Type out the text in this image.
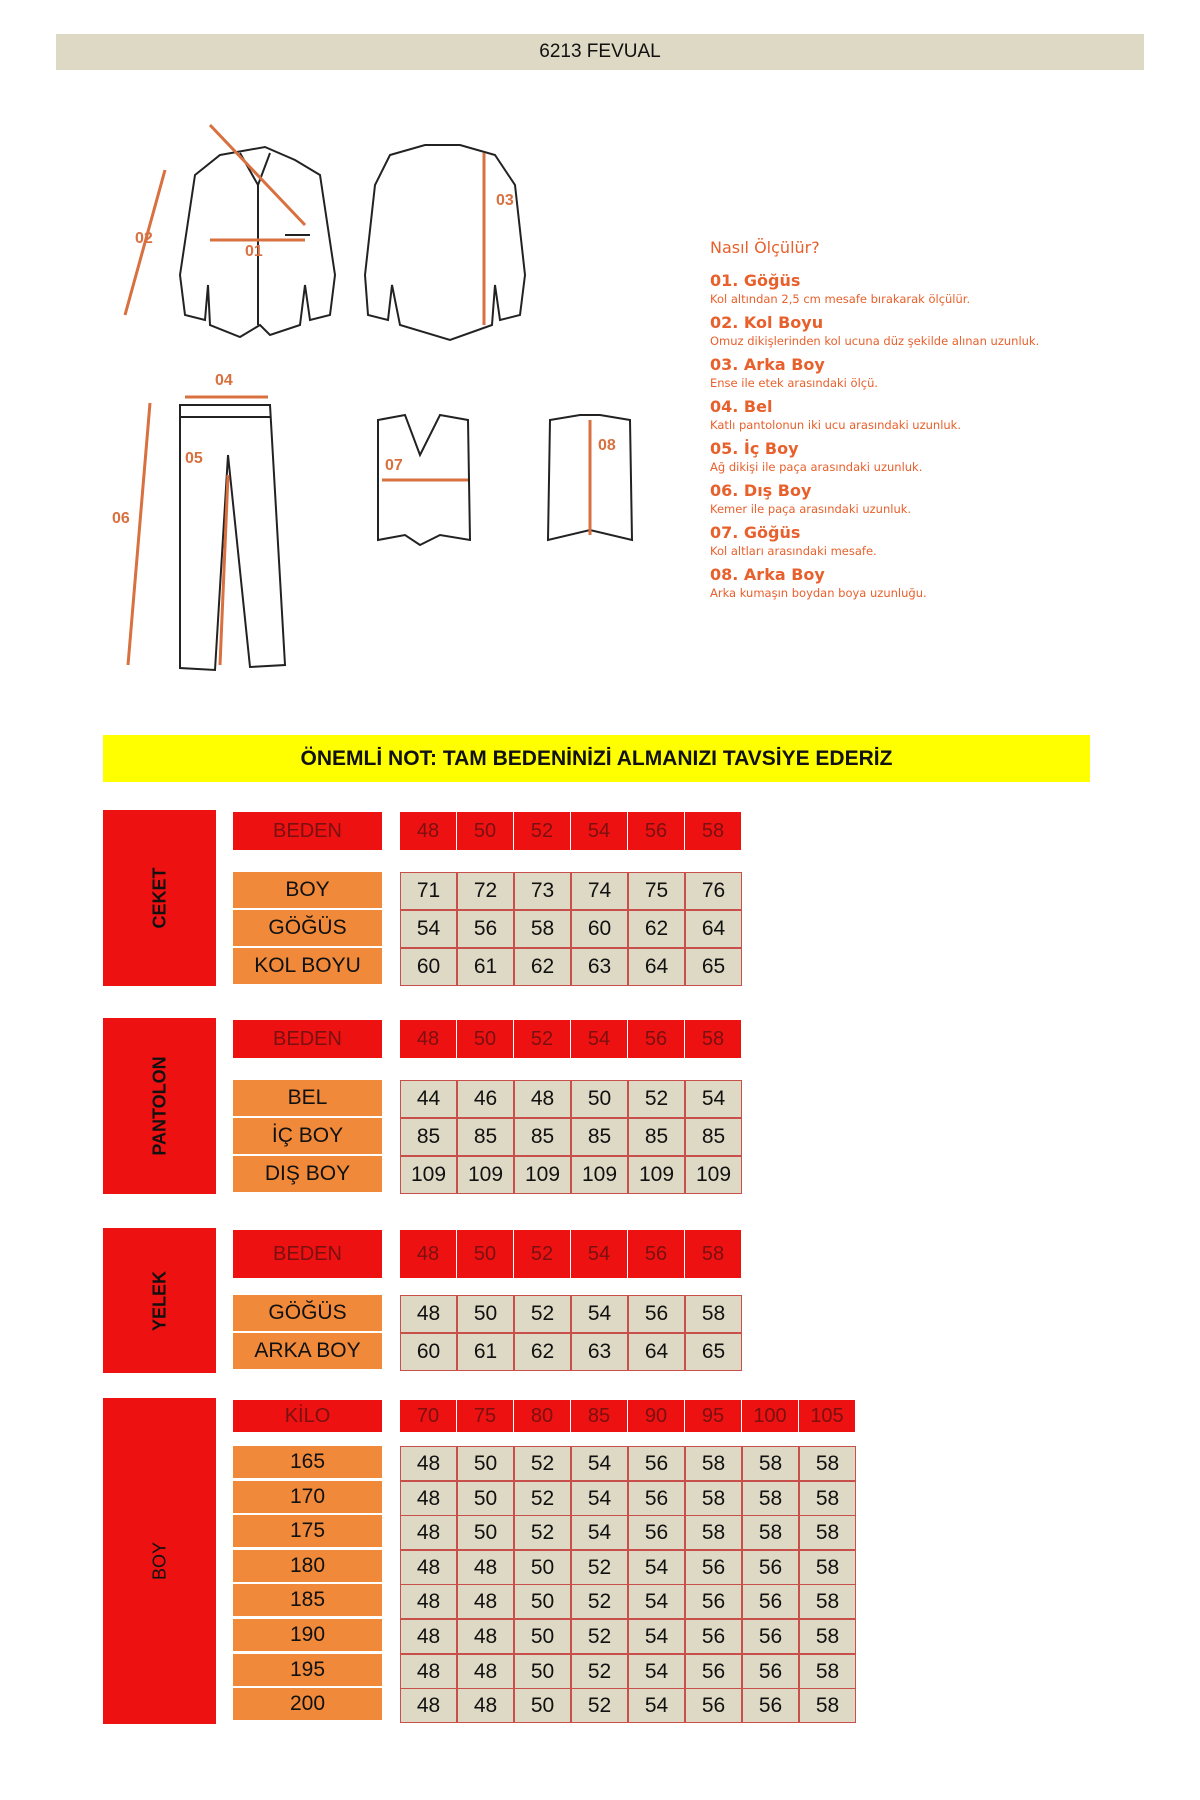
6213 FEVUAL
02
01
03
04
05
06
07
08
Nasıl Ölçülür?
01. Göğüs
Kol altından 2,5 cm mesafe bırakarak ölçülür.
02. Kol Boyu
Omuz dikişlerinden kol ucuna düz şekilde alınan uzunluk.
03. Arka Boy
Ense ile etek arasındaki ölçü.
04. Bel
Katlı pantolonun iki ucu arasındaki uzunluk.
05. İç Boy
Ağ dikişi ile paça arasındaki uzunluk.
06. Dış Boy
Kemer ile paça arasındaki uzunluk.
07. Göğüs
Kol altları arasındaki mesafe.
08. Arka Boy
Arka kumaşın boydan boya uzunluğu.
ÖNEMLİ NOT: TAM BEDENİNİZİ ALMANIZI TAVSİYE EDERİZ
CEKET
BEDEN	48	50	52	54	56	58
BOY	71	72	73	74	75	76
GÖĞÜS	54	56	58	60	62	64
KOL BOYU	60	61	62	63	64	65
PANTOLON
BEDEN	48	50	52	54	56	58
BEL	44	46	48	50	52	54
İÇ BOY	85	85	85	85	85	85
DIŞ BOY	109	109	109	109	109	109
YELEK
BEDEN	48	50	52	54	56	58
GÖĞÜS	48	50	52	54	56	58
ARKA BOY	60	61	62	63	64	65
BOY
KİLO	70	75	80	85	90	95	100	105
165	48	50	52	54	56	58	58	58
170	48	50	52	54	56	58	58	58
175	48	50	52	54	56	58	58	58
180	48	48	50	52	54	56	56	58
185	48	48	50	52	54	56	56	58
190	48	48	50	52	54	56	56	58
195	48	48	50	52	54	56	56	58
200	48	48	50	52	54	56	56	58
